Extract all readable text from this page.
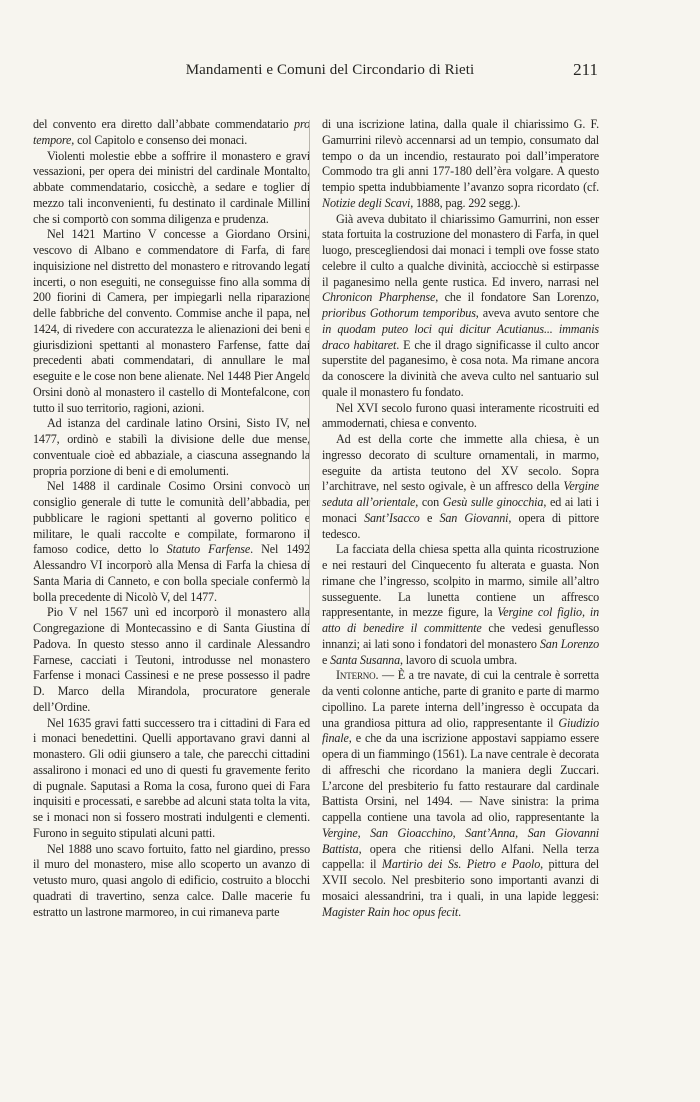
Mandamenti e Comuni del Circondario di Rieti	211

del convento era diretto dall’abbate commendatario pro tempore, col Capitolo e consenso dei monaci.

Violenti molestie ebbe a soffrire il monastero e gravi vessazioni, per opera dei ministri del cardinale Montalto, abbate commendatario, cosicchè, a sedare e toglier di mezzo tali inconvenienti, fu destinato il cardinale Millini che si comportò con somma diligenza e prudenza.

Nel 1421 Martino V concesse a Giordano Orsini, vescovo di Albano e commendatore di Farfa, di fare inquisizione nel distretto del monastero e ritrovando legati incerti, o non eseguiti, ne conseguisse fino alla somma di 200 fiorini di Camera, per impiegarli nella riparazione delle fabbriche del convento. Commise anche il papa, nel 1424, di rivedere con accuratezza le alienazioni dei beni e giurisdizioni spettanti al monastero Farfense, fatte dai precedenti abati commendatari, di annullare le mal eseguite e le cose non bene alienate. Nel 1448 Pier Angelo Orsini donò al monastero il castello di Montefalcone, con tutto il suo territorio, ragioni, azioni.

Ad istanza del cardinale latino Orsini, Sisto IV, nel 1477, ordinò e stabilì la divisione delle due mense, conventuale cioè ed abbaziale, a ciascuna assegnando la propria porzione di beni e di emolumenti.

Nel 1488 il cardinale Cosimo Orsini convocò un consiglio generale di tutte le comunità dell’abbadia, per pubblicare le ragioni spettanti al governo politico e militare, le quali raccolte e compilate, formarono il famoso codice, detto lo Statuto Farfense. Nel 1492 Alessandro VI incorporò alla Mensa di Farfa la chiesa di Santa Maria di Canneto, e con bolla speciale confermò la bolla precedente di Nicolò V, del 1477.

Pio V nel 1567 unì ed incorporò il monastero alla Congregazione di Montecassino e di Santa Giustina di Padova. In questo stesso anno il cardinale Alessandro Farnese, cacciati i Teutoni, introdusse nel monastero Farfense i monaci Cassinesi e ne prese possesso il padre D. Marco della Mirandola, procuratore generale dell’Ordine.

Nel 1635 gravi fatti successero tra i cittadini di Fara ed i monaci benedettini. Quelli apportavano gravi danni al monastero. Gli odii giunsero a tale, che parecchi cittadini assalirono i monaci ed uno di questi fu gravemente ferito di pugnale. Saputasi a Roma la cosa, furono quei di Fara inquisiti e processati, e sarebbe ad alcuni stata tolta la vita, se i monaci non si fossero mostrati indulgenti e clementi. Furono in seguito stipulati alcuni patti.

Nel 1888 uno scavo fortuito, fatto nel giardino, presso il muro del monastero, mise allo scoperto un avanzo di vetusto muro, quasi angolo di edificio, costruito a blocchi quadrati di travertino, senza calce. Dalle macerie fu estratto un lastrone marmoreo, in cui rimaneva parte

di una iscrizione latina, dalla quale il chiarissimo G. F. Gamurrini rilevò accennarsi ad un tempio, consumato dal tempo o da un incendio, restaurato poi dall’imperatore Commodo tra gli anni 177-180 dell’èra volgare. A questo tempio spetta indubbiamente l’avanzo sopra ricordato (cf. Notizie degli Scavi, 1888, pag. 292 segg.).

Già aveva dubitato il chiarissimo Gamurrini, non esser stata fortuita la costruzione del monastero di Farfa, in quel luogo, prescegliendosi dai monaci i templi ove fosse stato celebre il culto a qualche divinità, acciocchè si estirpasse il paganesimo nella gente rustica. Ed invero, narrasi nel Chronicon Pharphense, che il fondatore San Lorenzo, prioribus Gothorum temporibus, aveva avuto sentore che in quodam puteo loci qui dicitur Acutianus... immanis draco habitaret. E che il drago significasse il culto ancor superstite del paganesimo, è cosa nota. Ma rimane ancora da conoscere la divinità che aveva culto nel santuario sul quale il monastero fu fondato.

Nel XVI secolo furono quasi interamente ricostruiti ed ammodernati, chiesa e convento.

Ad est della corte che immette alla chiesa, è un ingresso decorato di sculture ornamentali, in marmo, eseguite da artista teutono del XV secolo. Sopra l’architrave, nel sesto ogivale, è un affresco della Vergine seduta all’orientale, con Gesù sulle ginocchia, ed ai lati i monaci Sant’Isacco e San Giovanni, opera di pittore tedesco.

La facciata della chiesa spetta alla quinta ricostruzione e nei restauri del Cinquecento fu alterata e guasta. Non rimane che l’ingresso, scolpito in marmo, simile all’altro susseguente. La lunetta contiene un affresco rappresentante, in mezze figure, la Vergine col figlio, in atto di benedire il committente che vedesi genuflesso innanzi; ai lati sono i fondatori del monastero San Lorenzo e Santa Susanna, lavoro di scuola umbra.

Interno. — È a tre navate, di cui la centrale è sorretta da venti colonne antiche, parte di granito e parte di marmo cipollino. La parete interna dell’ingresso è occupata da una grandiosa pittura ad olio, rappresentante il Giudizio finale, e che da una iscrizione appostavi sappiamo essere opera di un fiammingo (1561). La nave centrale è decorata di affreschi che ricordano la maniera degli Zuccari. L’arcone del presbiterio fu fatto restaurare dal cardinale Battista Orsini, nel 1494. — Nave sinistra: la prima cappella contiene una tavola ad olio, rappresentante la Vergine, San Gioacchino, Sant’Anna, San Giovanni Battista, opera che ritiensi dello Alfani. Nella terza cappella: il Martirio dei Ss. Pietro e Paolo, pittura del XVII secolo. Nel presbiterio sono importanti avanzi di mosaici alessandrini, tra i quali, in una lapide leggesi: Magister Rain hoc opus fecit.
